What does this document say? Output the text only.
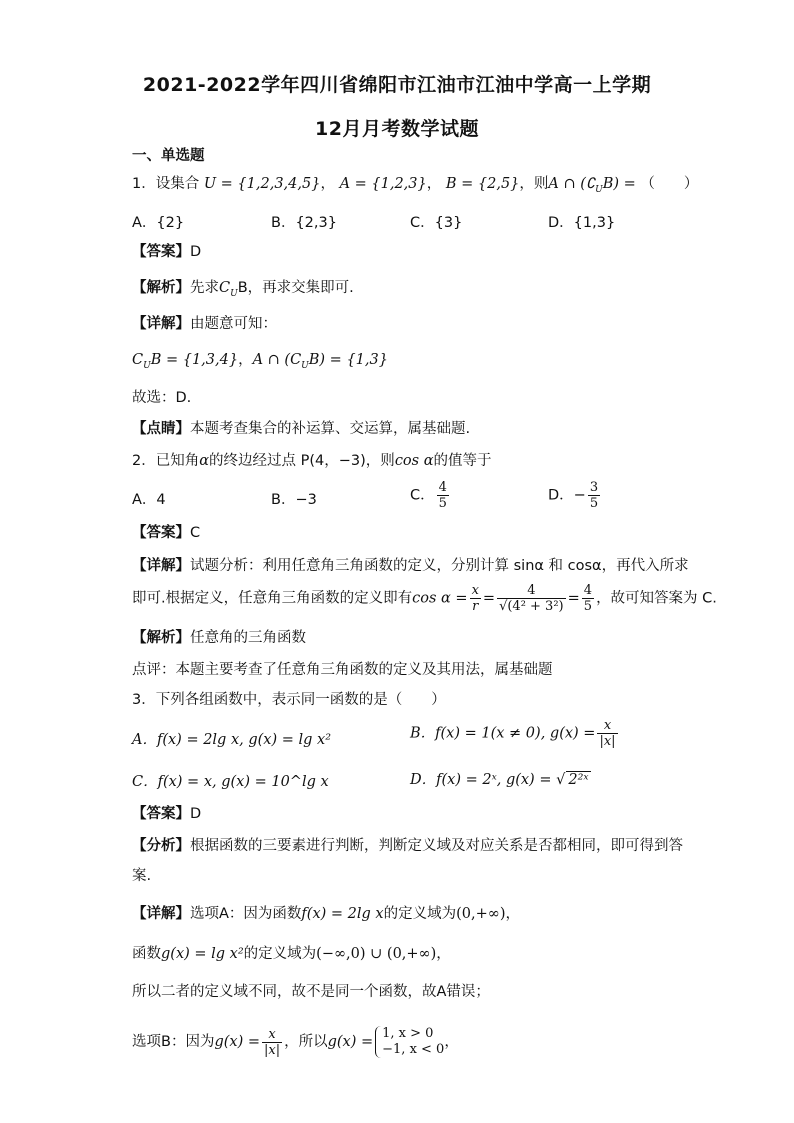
2021-2022学年四川省绵阳市江油市江油中学高一上学期
12月月考数学试题
一、单选题
1．设集合 U = {1,2,3,4,5}， A = {1,2,3}， B = {2,5}，则A ∩ $(∁_UB)$ = （　　）
A．{2}	B．{2,3}	C．{3}	D．{1,3}
【答案】D
【解析】先求$C_UB$，再求交集即可.
【详解】由题意可知：
$C_UB = \{1,3,4\}$，A ∩ $(C_UB) = \{1,3\}$
故选：D.
【点睛】本题考查集合的补运算、交运算，属基础题.
2．已知角α的终边经过点 P(4，−3)，则cos α的值等于
A．4	B．−3	C． $\frac{4}{5}$	D．− $\frac{3}{5}$
【答案】C
【详解】试题分析：利用任意角三角函数的定义，分别计算 sinα 和 cosα，再代入所求
即可.根据定义，任意角三角函数的定义即有$\cos \alpha = \frac{x}{r} = \frac{4}{\text{√(4² + 3²)}} = \frac{4}{5}$ ，故可知答案为 C.
【解析】任意角的三角函数
点评：本题主要考查了任意角三角函数的定义及其用法，属基础题
3．下列各组函数中，表示同一函数的是（　　）
A．f(x) = 2lg x, g(x) = lg x²	B．f(x) = 1(x ≠ 0), $g(x) = \frac{x}{|x|}$
C．f(x) = x, g(x) = 10^lg x	D．f(x) = 2ˣ, g(x) = √ 2²ˣ
【答案】D
【分析】根据函数的三要素进行判断，判断定义域及对应关系是否都相同，即可得到答
案.
【详解】选项A：因为函数f(x) = 2lg x的定义域为(0,+∞)，
函数g(x) = lg x²的定义域为(−∞,0) ∪ (0,+∞)，
所以二者的定义域不同，故不是同一个函数，故A错误；
选项B：因为$g(x) = \frac{x}{|x|}$ ，所以g(x) =
1, x > 0
−1, x < 0 ，
